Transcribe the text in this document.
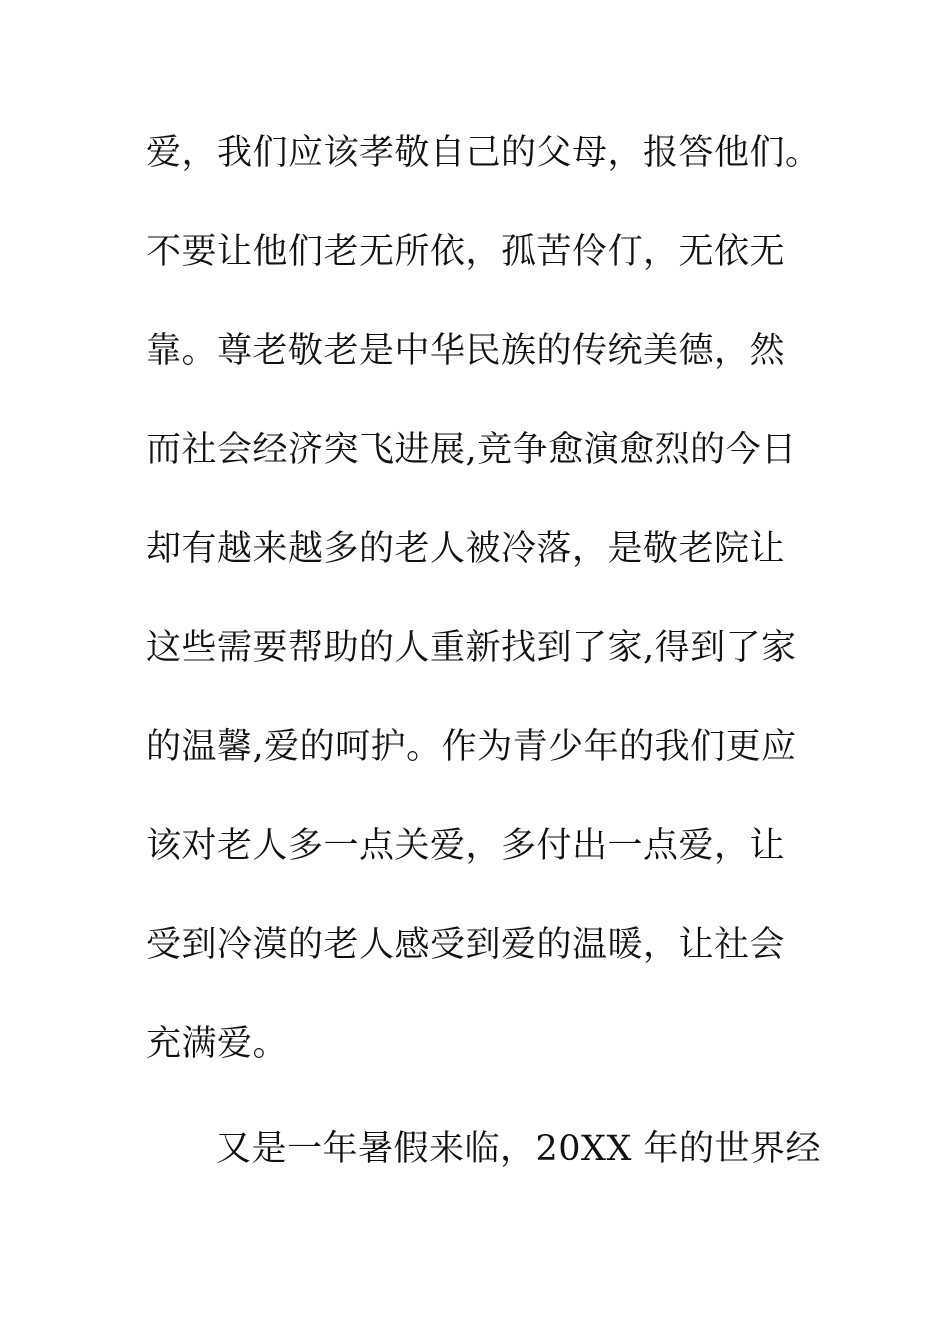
爱，我们应该孝敬自己的父母，报答他们。
不要让他们老无所依，孤苦伶仃，无依无
靠。尊老敬老是中华民族的传统美德，然
而社会经济突飞进展,竞争愈演愈烈的今日
却有越来越多的老人被冷落，是敬老院让
这些需要帮助的人重新找到了家,得到了家
的温馨,爱的呵护。作为青少年的我们更应
该对老人多一点关爱，多付出一点爱，让
受到冷漠的老人感受到爱的温暖，让社会
充满爱。
又是一年暑假来临，20XX 年的世界经
